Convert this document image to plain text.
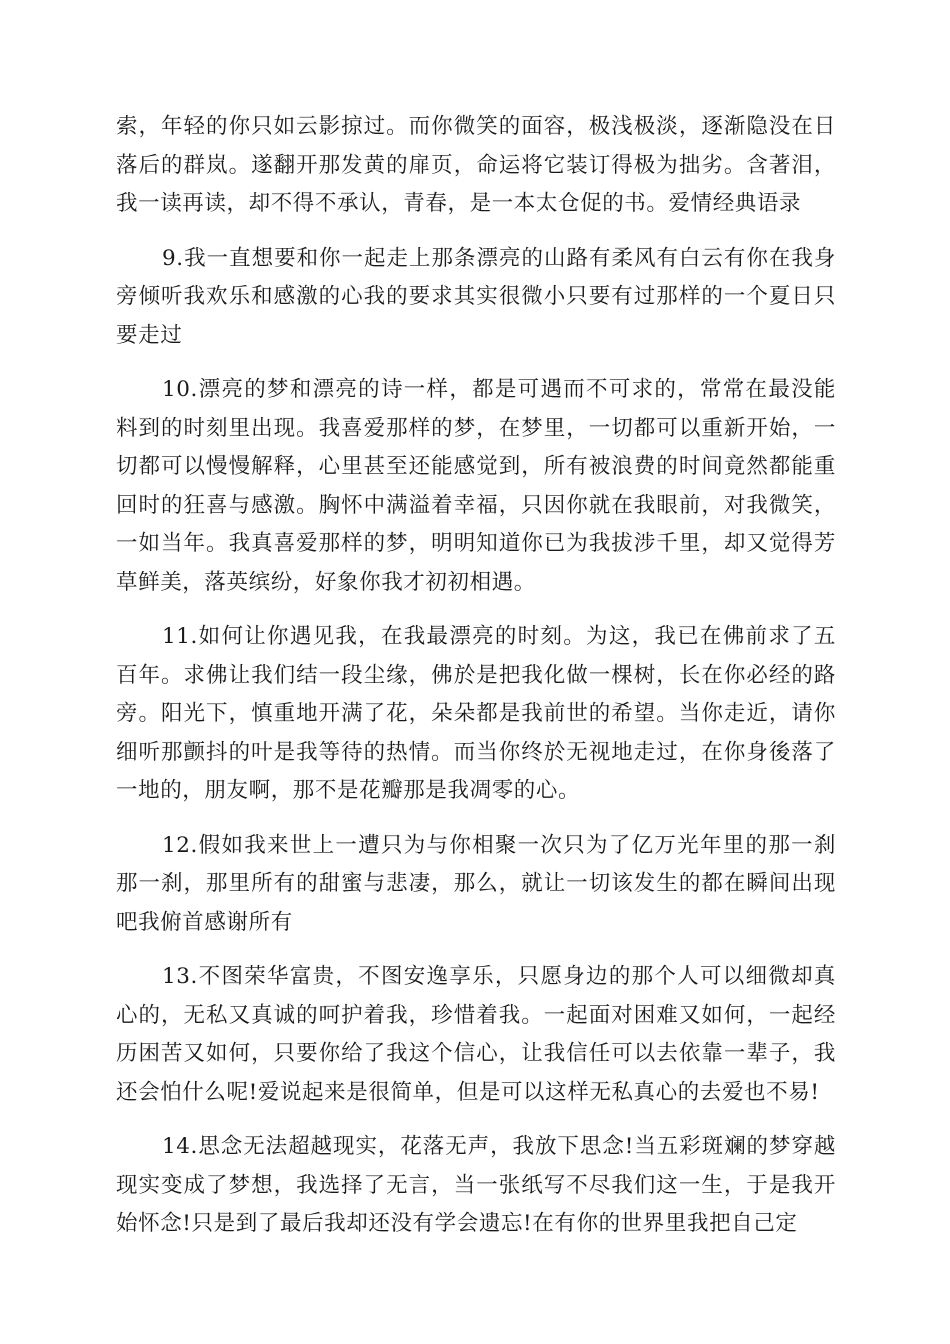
索，年轻的你只如云影掠过。而你微笑的面容，极浅极淡，逐渐隐没在日落后的群岚。遂翻开那发黄的扉页，命运将它装订得极为拙劣。含著泪，我一读再读，却不得不承认，青春，是一本太仓促的书。爱情经典语录

9.我一直想要和你一起走上那条漂亮的山路有柔风有白云有你在我身旁倾听我欢乐和感激的心我的要求其实很微小只要有过那样的一个夏日只要走过

10.漂亮的梦和漂亮的诗一样，都是可遇而不可求的，常常在最没能料到的时刻里出现。我喜爱那样的梦，在梦里，一切都可以重新开始，一切都可以慢慢解释，心里甚至还能感觉到，所有被浪费的时间竟然都能重回时的狂喜与感激。胸怀中满溢着幸福，只因你就在我眼前，对我微笑，一如当年。我真喜爱那样的梦，明明知道你已为我拔涉千里，却又觉得芳草鲜美，落英缤纷，好象你我才初初相遇。

11.如何让你遇见我，在我最漂亮的时刻。为这，我已在佛前求了五百年。求佛让我们结一段尘缘，佛於是把我化做一棵树，长在你必经的路旁。阳光下，慎重地开满了花，朵朵都是我前世的希望。当你走近，请你细听那颤抖的叶是我等待的热情。而当你终於无视地走过，在你身後落了一地的，朋友啊，那不是花瓣那是我凋零的心。

12.假如我来世上一遭只为与你相聚一次只为了亿万光年里的那一刹那一刹，那里所有的甜蜜与悲凄，那么，就让一切该发生的都在瞬间出现吧我俯首感谢所有

13.不图荣华富贵，不图安逸享乐，只愿身边的那个人可以细微却真心的，无私又真诚的呵护着我，珍惜着我。一起面对困难又如何，一起经历困苦又如何，只要你给了我这个信心，让我信任可以去依靠一辈子，我还会怕什么呢!爱说起来是很简单，但是可以这样无私真心的去爱也不易!

14.思念无法超越现实，花落无声，我放下思念!当五彩斑斓的梦穿越现实变成了梦想，我选择了无言，当一张纸写不尽我们这一生，于是我开始怀念!只是到了最后我却还没有学会遗忘!在有你的世界里我把自己定
